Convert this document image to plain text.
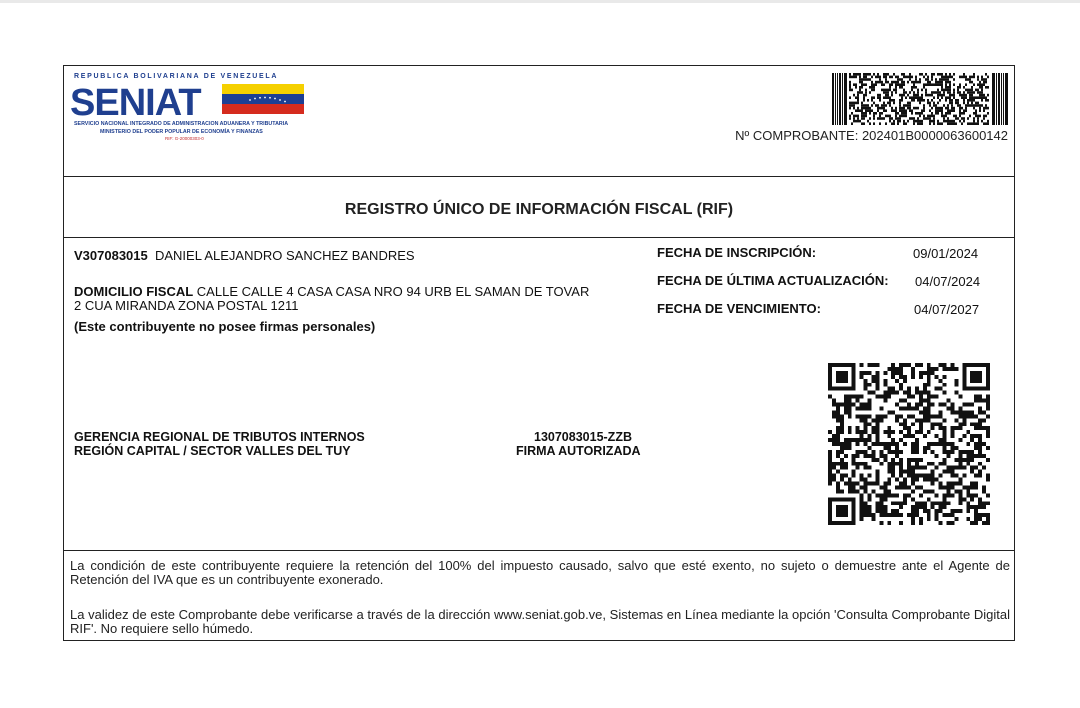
REPUBLICA BOLIVARIANA DE VENEZUELA
SENIAT
SERVICIO NACIONAL INTEGRADO DE ADMINISTRACION ADUANERA Y TRIBUTARIA
MINISTERIO DEL PODER POPULAR DE ECONOMÍA Y FINANZAS
RIF: G-20000303-0	Nº COMPROBANTE: 202401B0000063600142
REGISTRO ÚNICO DE INFORMACIÓN FISCAL (RIF)
V307083015 DANIEL ALEJANDRO SANCHEZ BANDRES
DOMICILIO FISCAL CALLE CALLE 4 CASA CASA NRO 94 URB EL SAMAN DE TOVAR
2 CUA MIRANDA ZONA POSTAL 1211
(Este contribuyente no posee firmas personales)
FECHA DE INSCRIPCIÓN:	09/01/2024
FECHA DE ÚLTIMA ACTUALIZACIÓN: 04/07/2024
FECHA DE VENCIMIENTO:	04/07/2027
GERENCIA REGIONAL DE TRIBUTOS INTERNOS
REGIÓN CAPITAL / SECTOR VALLES DEL TUY
1307083015-ZZB
FIRMA AUTORIZADA
La condición de este contribuyente requiere la retención del 100% del impuesto causado, salvo que esté exento, no sujeto o demuestre ante el Agente de Retención del IVA que es un contribuyente exonerado.
La validez de este Comprobante debe verificarse a través de la dirección www.seniat.gob.ve, Sistemas en Línea mediante la opción 'Consulta Comprobante Digital RIF'. No requiere sello húmedo.
